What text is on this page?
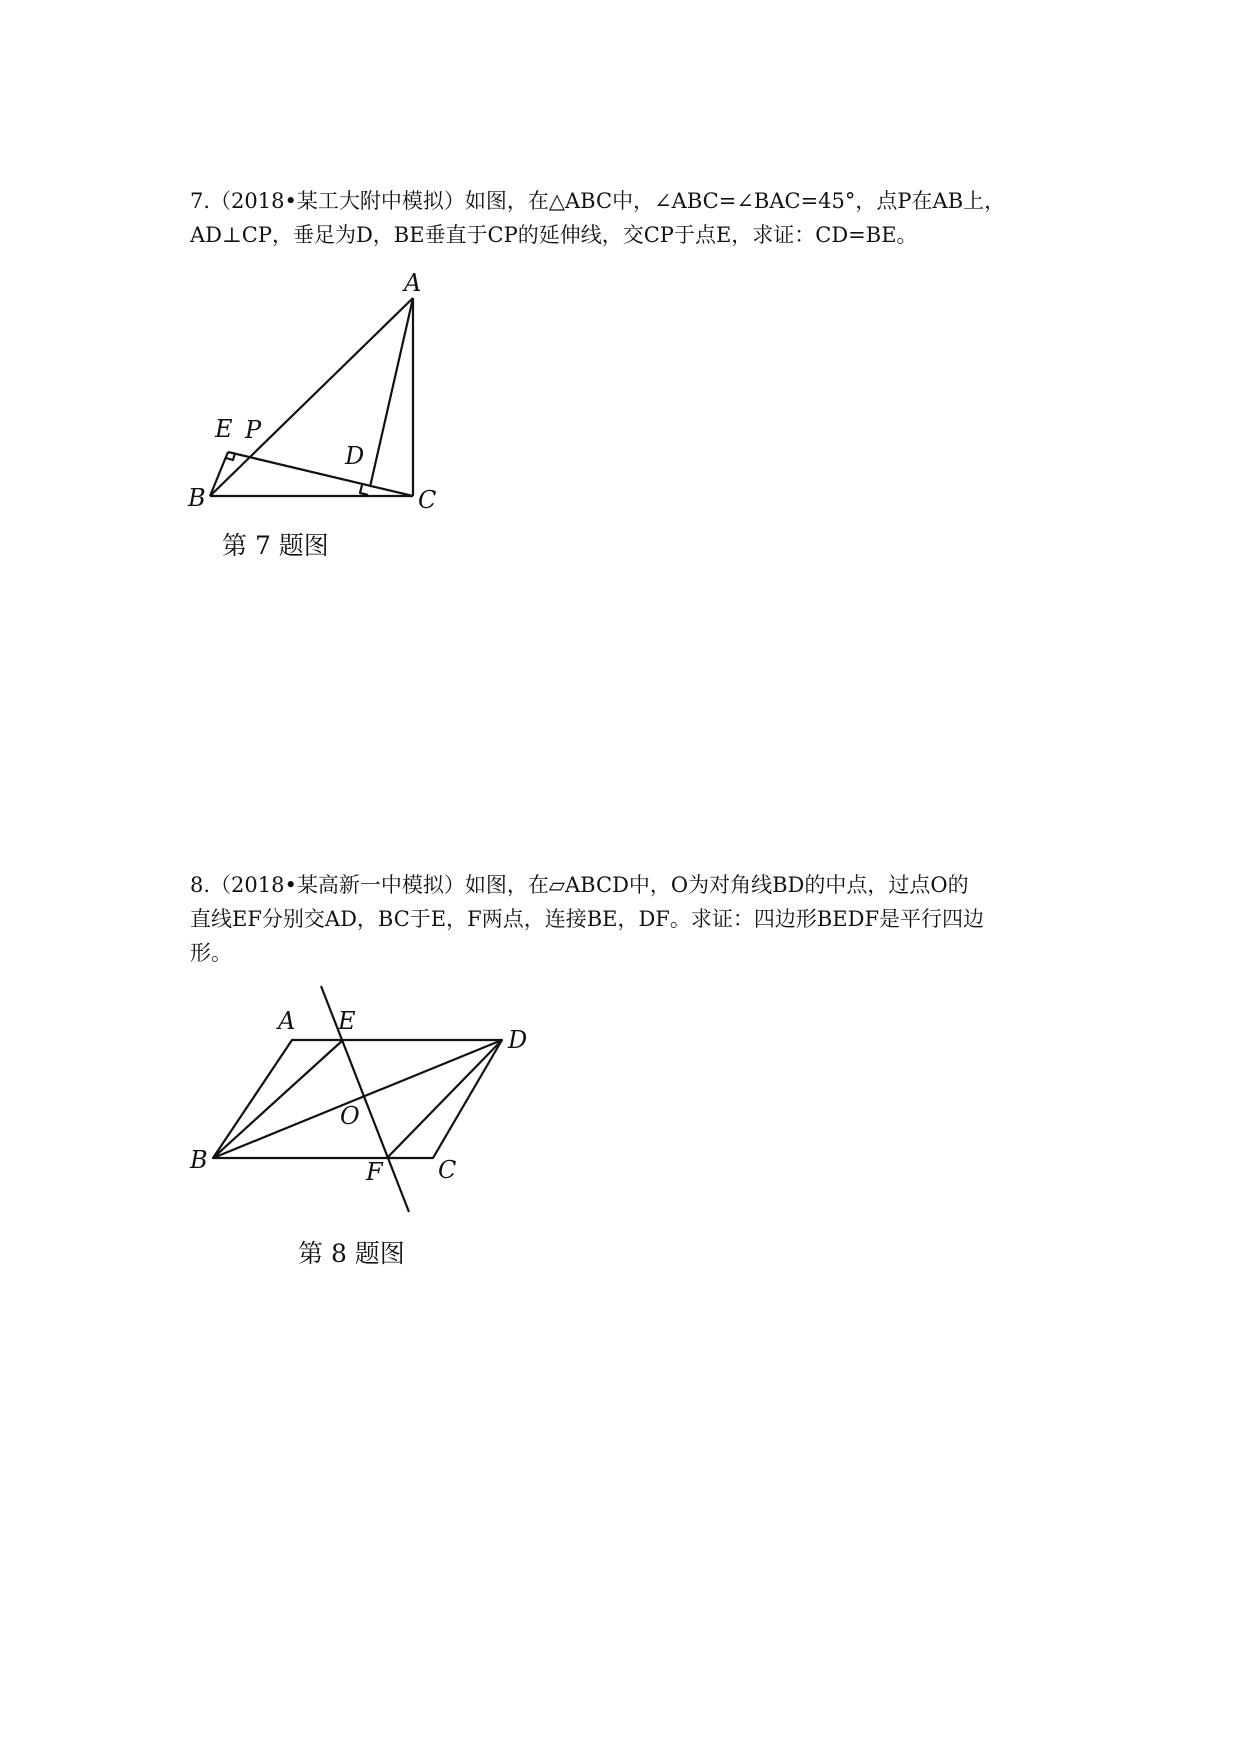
7.（2018•某工大附中模拟）如图，在△ABC中，∠ABC=∠BAC=45°，点P在AB上，
AD⊥CP，垂足为D，BE垂直于CP的延伸线，交CP于点E，求证：CD=BE。
A
B	C
D
E P
第 7 题图
8.（2018•某高新一中模拟）如图，在▱ABCD中，O为对角线BD的中点，过点O的
直线EF分别交AD，BC于E，F两点，连接BE，DF。求证：四边形BEDF是平行四边
形。
A E
D
O
B	F C
第 8 题图
